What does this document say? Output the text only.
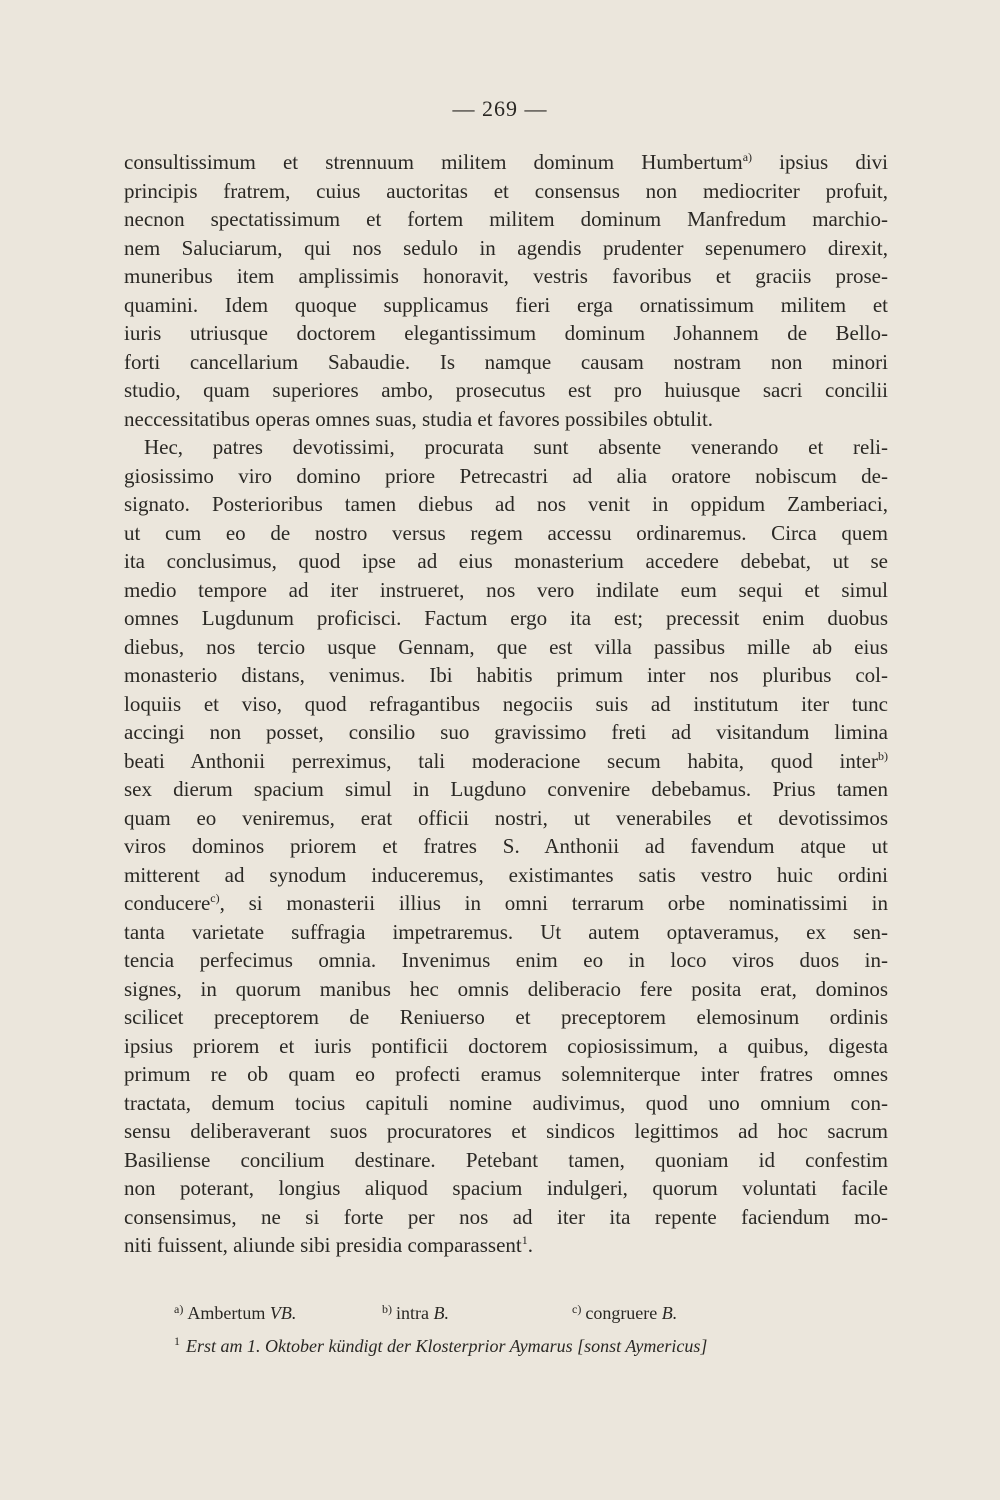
— 269 —
consultissimum et strennuum militem dominum Humbertum$^{a)}$ ipsius divi
principis fratrem, cuius auctoritas et consensus non mediocriter profuit,
necnon spectatissimum et fortem militem dominum Manfredum marchio-
nem Saluciarum, qui nos sedulo in agendis prudenter sepenumero direxit,
muneribus item amplissimis honoravit, vestris favoribus et graciis prose-
quamini. Idem quoque supplicamus fieri erga ornatissimum militem et
iuris utriusque doctorem elegantissimum dominum Johannem de Bello-
forti cancellarium Sabaudie. Is namque causam nostram non minori
studio, quam superiores ambo, prosecutus est pro huiusque sacri concilii
neccessitatibus operas omnes suas, studia et favores possibiles obtulit.
Hec, patres devotissimi, procurata sunt absente venerando et reli-
giosissimo viro domino priore Petrecastri ad alia oratore nobiscum de-
signato. Posterioribus tamen diebus ad nos venit in oppidum Zamberiaci,
ut cum eo de nostro versus regem accessu ordinaremus. Circa quem
ita conclusimus, quod ipse ad eius monasterium accedere debebat, ut se
medio tempore ad iter instrueret, nos vero indilate eum sequi et simul
omnes Lugdunum proficisci. Factum ergo ita est; precessit enim duobus
diebus, nos tercio usque Gennam, que est villa passibus mille ab eius
monasterio distans, venimus. Ibi habitis primum inter nos pluribus col-
loquiis et viso, quod refragantibus negociis suis ad institutum iter tunc
accingi non posset, consilio suo gravissimo freti ad visitandum limina
beati Anthonii perreximus, tali moderacione secum habita, quod inter$^{b)}$
sex dierum spacium simul in Lugduno convenire debebamus. Prius tamen
quam eo veniremus, erat officii nostri, ut venerabiles et devotissimos
viros dominos priorem et fratres S. Anthonii ad favendum atque ut
mitterent ad synodum induceremus, existimantes satis vestro huic ordini
conducere$^{c)}$, si monasterii illius in omni terrarum orbe nominatissimi in
tanta varietate suffragia impetraremus. Ut autem optaveramus, ex sen-
tencia perfecimus omnia. Invenimus enim eo in loco viros duos in-
signes, in quorum manibus hec omnis deliberacio fere posita erat, dominos
scilicet preceptorem de Reniuerso et preceptorem elemosinum ordinis
ipsius priorem et iuris pontificii doctorem copiosissimum, a quibus, digesta
primum re ob quam eo profecti eramus solemniterque inter fratres omnes
tractata, demum tocius capituli nomine audivimus, quod uno omnium con-
sensu deliberaverant suos procuratores et sindicos legittimos ad hoc sacrum
Basiliense concilium destinare. Petebant tamen, quoniam id confestim
non poterant, longius aliquod spacium indulgeri, quorum voluntati facile
consensimus, ne si forte per nos ad iter ita repente faciendum mo-
niti fuissent, aliunde sibi presidia comparassent$^1$.
$^{a)}$ Ambertum VB.	$^{b)}$ intra B.	$^{c)}$ congruere B.
$^1$ Erst am 1. Oktober kündigt der Klosterprior Aymarus [sonst Aymericus]
